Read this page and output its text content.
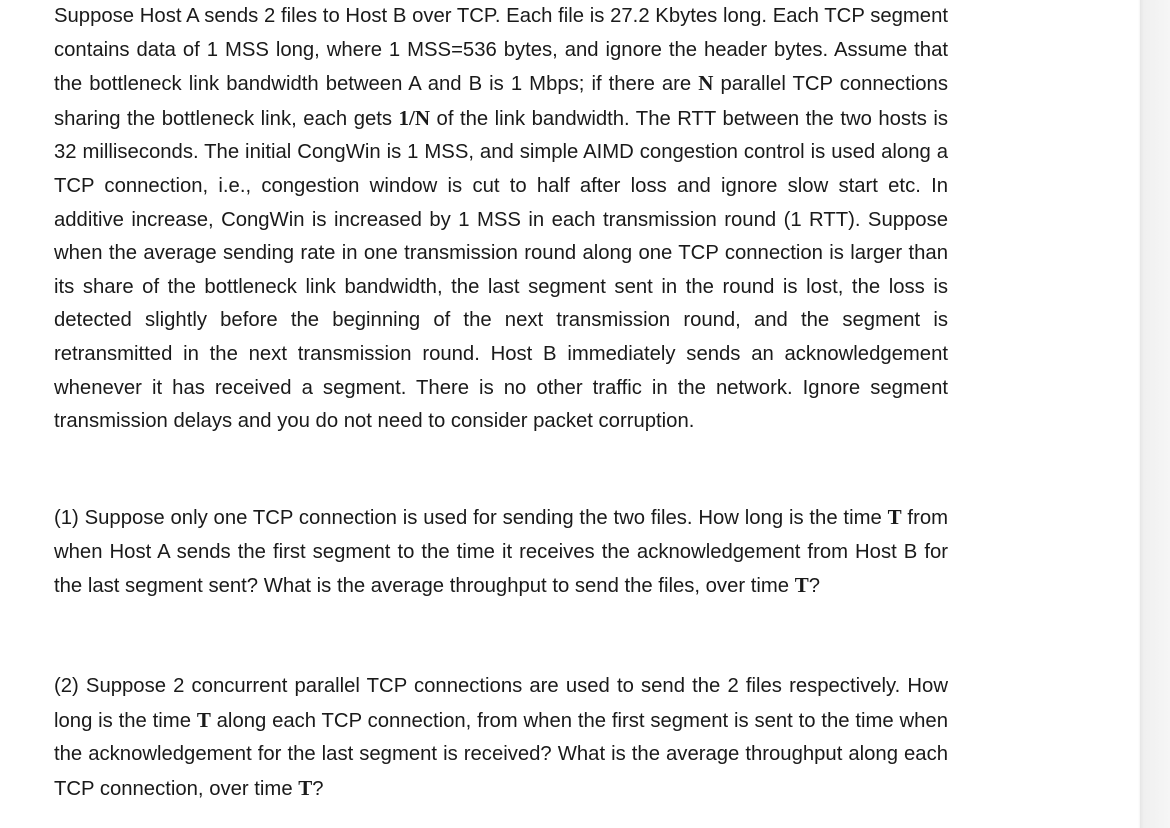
Suppose Host A sends 2 files to Host B over TCP. Each file is 27.2 Kbytes long. Each TCP segment contains data of 1 MSS long, where 1 MSS=536 bytes, and ignore the header bytes. Assume that the bottleneck link bandwidth between A and B is 1 Mbps; if there are N parallel TCP connections sharing the bottleneck link, each gets 1/N of the link bandwidth. The RTT between the two hosts is 32 milliseconds. The initial CongWin is 1 MSS, and simple AIMD congestion control is used along a TCP connection, i.e., congestion window is cut to half after loss and ignore slow start etc. In additive increase, CongWin is increased by 1 MSS in each transmission round (1 RTT). Suppose when the average sending rate in one transmission round along one TCP connection is larger than its share of the bottleneck link bandwidth, the last segment sent in the round is lost, the loss is detected slightly before the beginning of the next transmission round, and the segment is retransmitted in the next transmission round. Host B immediately sends an acknowledgement whenever it has received a segment. There is no other traffic in the network. Ignore segment transmission delays and you do not need to consider packet corruption.

(1) Suppose only one TCP connection is used for sending the two files. How long is the time T from when Host A sends the first segment to the time it receives the acknowledgement from Host B for the last segment sent? What is the average throughput to send the files, over time T?

(2) Suppose 2 concurrent parallel TCP connections are used to send the 2 files respectively. How long is the time T along each TCP connection, from when the first segment is sent to the time when the acknowledgement for the last segment is received? What is the average throughput along each TCP connection, over time T?
